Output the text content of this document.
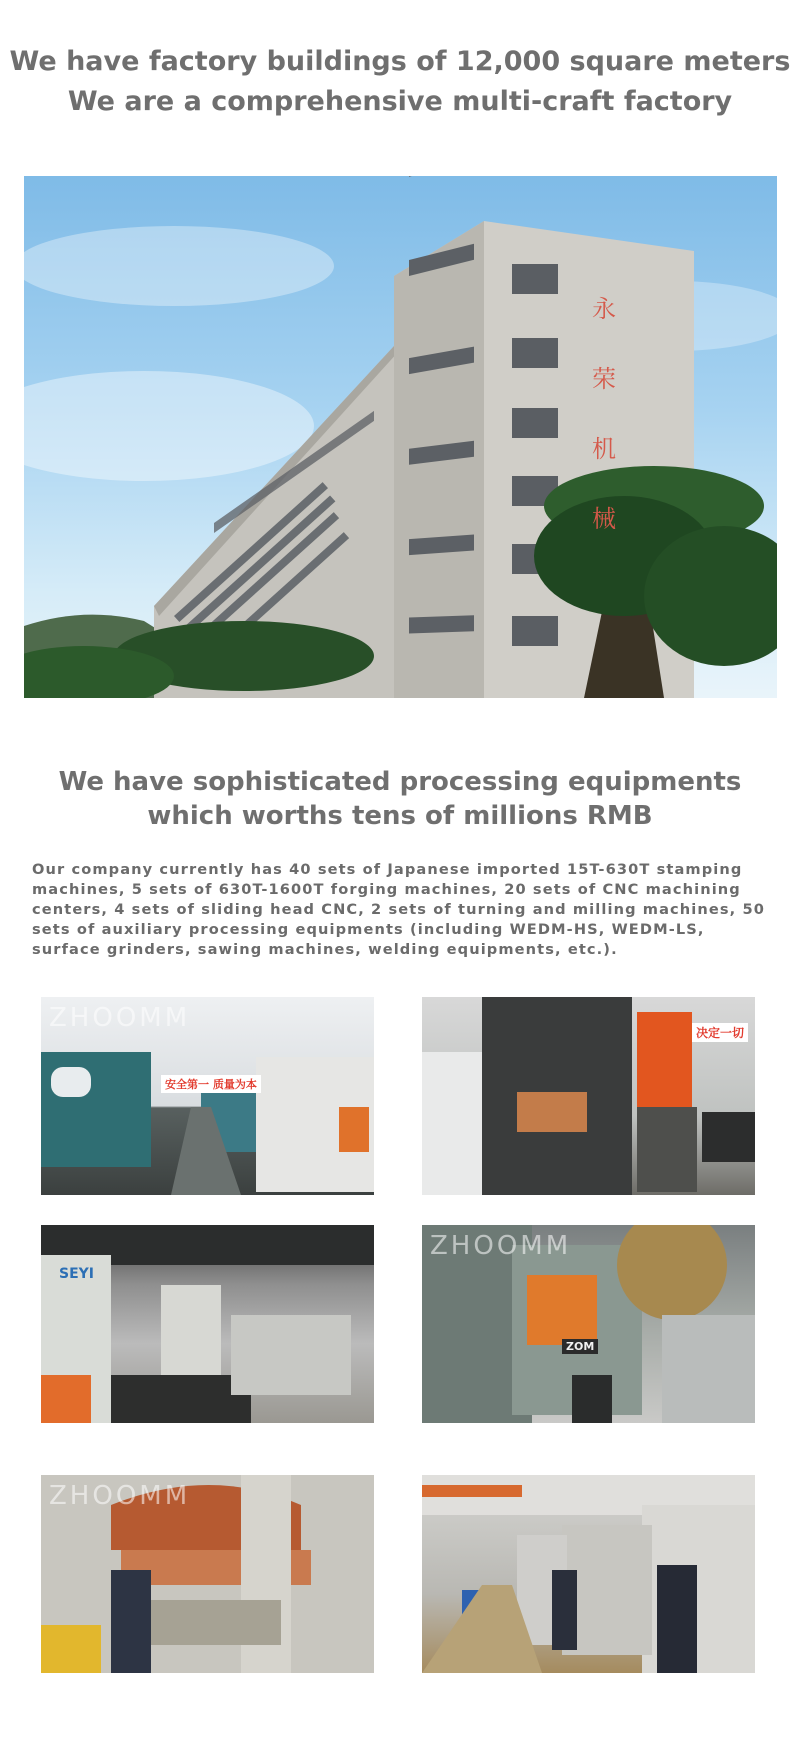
We have factory buildings of 12,000 square meters
We are a comprehensive multi-craft factory
永
荣
机
械
We have sophisticated processing equipments
which worths tens of millions RMB

Our company currently has 40 sets of Japanese imported 15T-630T stamping machines, 5 sets of 630T-1600T forging machines, 20 sets of CNC machining centers, 4 sets of sliding head CNC, 2 sets of turning and milling machines, 50 sets of auxiliary processing equipments (including WEDM-HS, WEDM-LS, surface grinders, sawing machines, welding equipments, etc.).

ZHOOMM
安全第一 质量为本
决定一切
SEYI
ZHOOMM
ZOM
ZHOOMM
